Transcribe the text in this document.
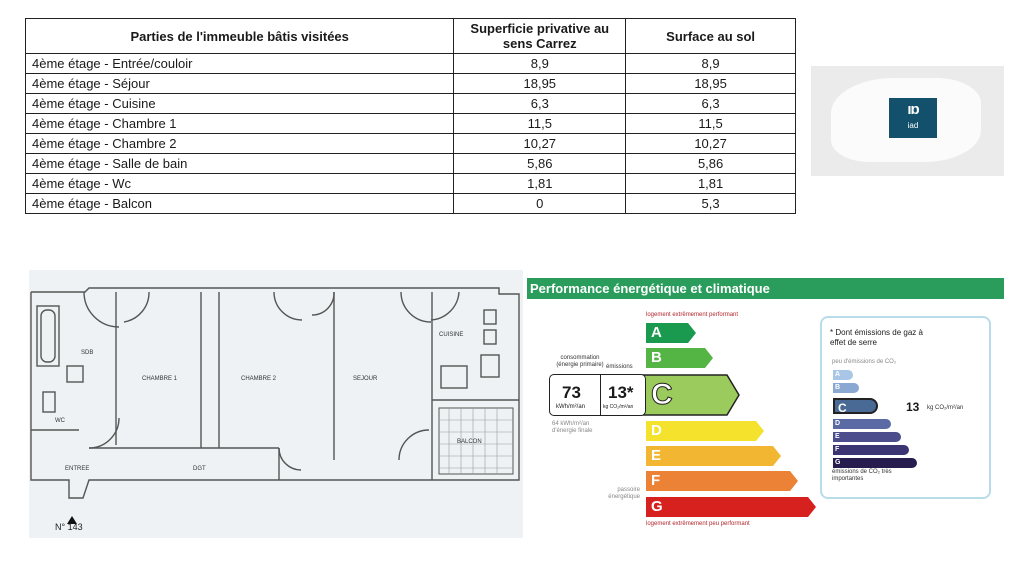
Parties de l'immeuble bâtis visitées	Superficie privative au sens Carrez	Surface au sol
4ème étage - Entrée/couloir	8,9	8,9
4ème étage - Séjour	18,95	18,95
4ème étage - Cuisine	6,3	6,3
4ème étage - Chambre 1	11,5	11,5
4ème étage - Chambre 2	10,27	10,27
4ème étage - Salle de bain	5,86	5,86
4ème étage - Wc	1,81	1,81
4ème étage - Balcon	0	5,3
ıɒ
iad
SDB
CHAMBRE 1	CHAMBRE 2	SEJOUR
CUISINE
WC
ENTREE	DGT
BALCON
N° 143
Performance énergétique et climatique
logement extrêmement performant
logement extrêmement peu performant
A
B
D
E
F
G
C
consommation (énergie primaire) émissions
73
kWh/m²/an
13*
kg CO₂/m²/an
64 kWh/m²/an d'énergie finale
passoire énergétique
* Dont émissions de gaz à effet de serre
peu d'émissions de CO₂
A
B
C
D
E
F
G
émissions de CO₂ très importantes
13 kg CO₂/m²/an
